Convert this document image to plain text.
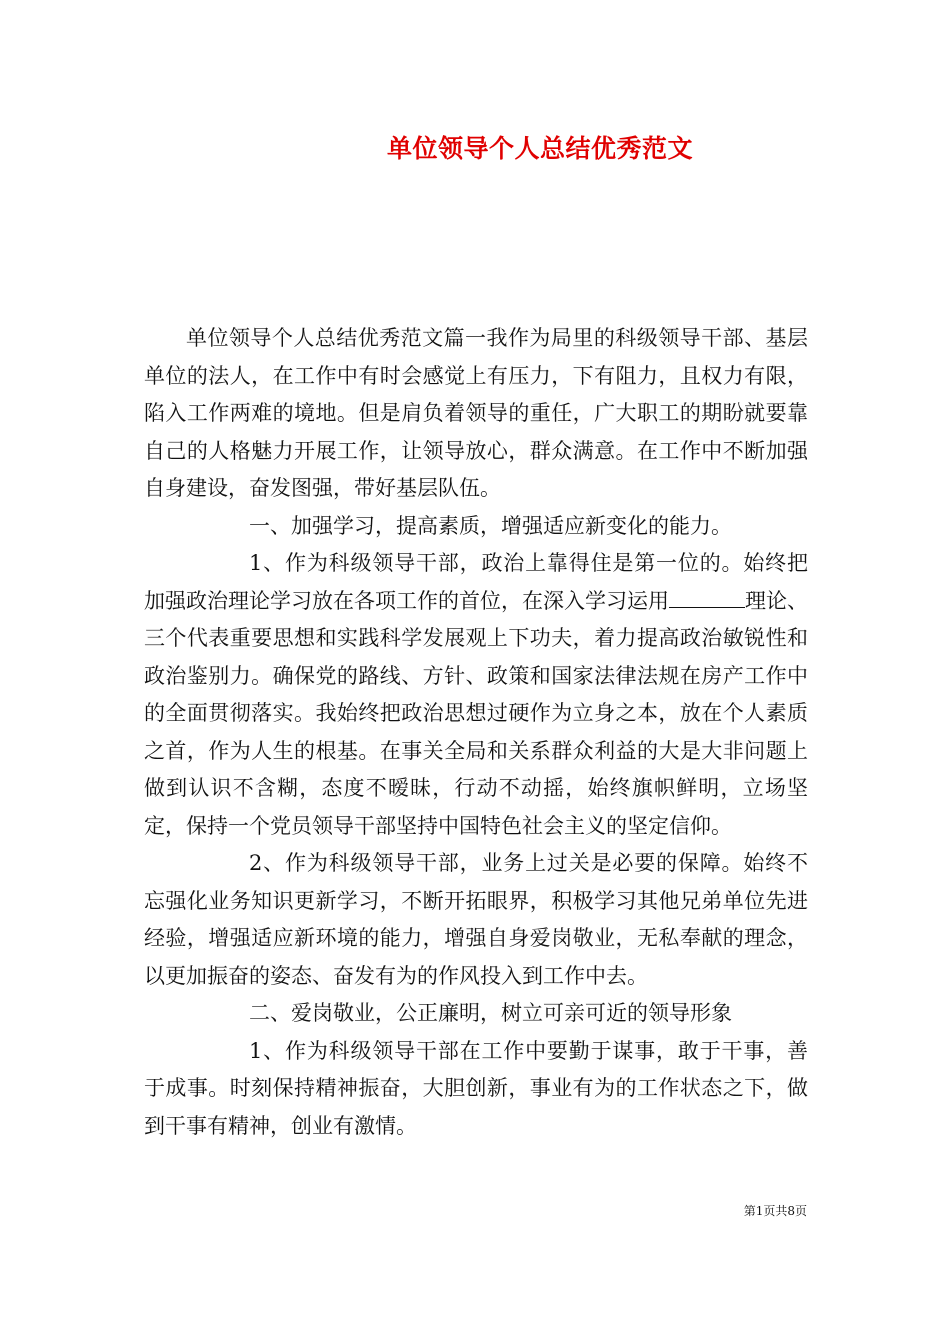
单位领导个人总结优秀范文

单位领导个人总结优秀范文篇一我作为局里的科级领导干部、基层单位的法人，在工作中有时会感觉上有压力，下有阻力，且权力有限，陷入工作两难的境地。但是肩负着领导的重任，广大职工的期盼就要靠自己的人格魅力开展工作，让领导放心，群众满意。在工作中不断加强自身建设，奋发图强，带好基层队伍。

一、加强学习，提高素质，增强适应新变化的能力。

1、作为科级领导干部，政治上靠得住是第一位的。始终把加强政治理论学习放在各项工作的首位，在深入学习运用	理论、三个代表重要思想和实践科学发展观上下功夫，着力提高政治敏锐性和政治鉴别力。确保党的路线、方针、政策和国家法律法规在房产工作中的全面贯彻落实。我始终把政治思想过硬作为立身之本，放在个人素质之首，作为人生的根基。在事关全局和关系群众利益的大是大非问题上做到认识不含糊，态度不暧昧，行动不动摇，始终旗帜鲜明，立场坚定，保持一个党员领导干部坚持中国特色社会主义的坚定信仰。

2、作为科级领导干部，业务上过关是必要的保障。始终不忘强化业务知识更新学习，不断开拓眼界，积极学习其他兄弟单位先进经验，增强适应新环境的能力，增强自身爱岗敬业，无私奉献的理念，以更加振奋的姿态、奋发有为的作风投入到工作中去。

二、爱岗敬业，公正廉明，树立可亲可近的领导形象

1、作为科级领导干部在工作中要勤于谋事，敢于干事，善于成事。时刻保持精神振奋，大胆创新，事业有为的工作状态之下，做到干事有精神，创业有激情。

第1页共8页
